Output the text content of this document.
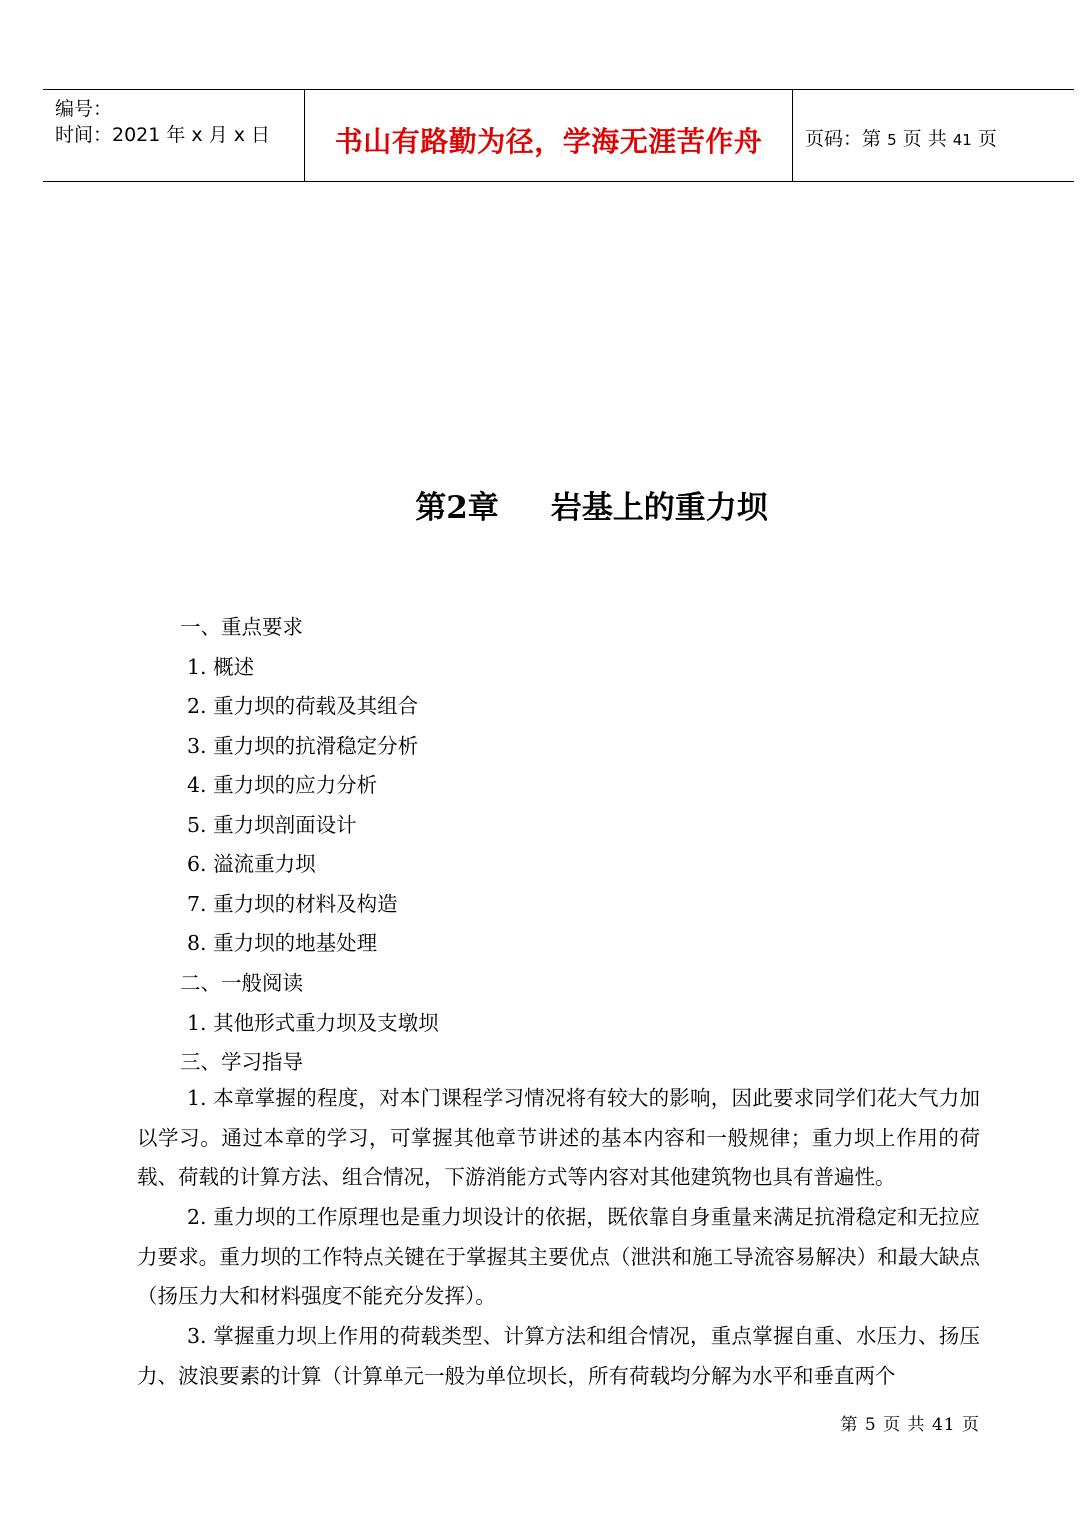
编号：
时间：2021 年 x 月 x 日	书山有路勤为径，学海无涯苦作舟	页码：第 5 页 共 41 页
第2章 岩基上的重力坝
一、重点要求
1. 概述
2. 重力坝的荷载及其组合
3. 重力坝的抗滑稳定分析
4. 重力坝的应力分析
5. 重力坝剖面设计
6. 溢流重力坝
7. 重力坝的材料及构造
8. 重力坝的地基处理
二、一般阅读
1. 其他形式重力坝及支墩坝
三、学习指导
1. 本章掌握的程度，对本门课程学习情况将有较大的影响，因此要求同学们花大气力加以学习。通过本章的学习，可掌握其他章节讲述的基本内容和一般规律；重力坝上作用的荷载、荷载的计算方法、组合情况，下游消能方式等内容对其他建筑物也具有普遍性。
2. 重力坝的工作原理也是重力坝设计的依据，既依靠自身重量来满足抗滑稳定和无拉应力要求。重力坝的工作特点关键在于掌握其主要优点（泄洪和施工导流容易解决）和最大缺点（扬压力大和材料强度不能充分发挥）。
3. 掌握重力坝上作用的荷载类型、计算方法和组合情况，重点掌握自重、水压力、扬压力、波浪要素的计算（计算单元一般为单位坝长，所有荷载均分解为水平和垂直两个
第 5 页 共 41 页
